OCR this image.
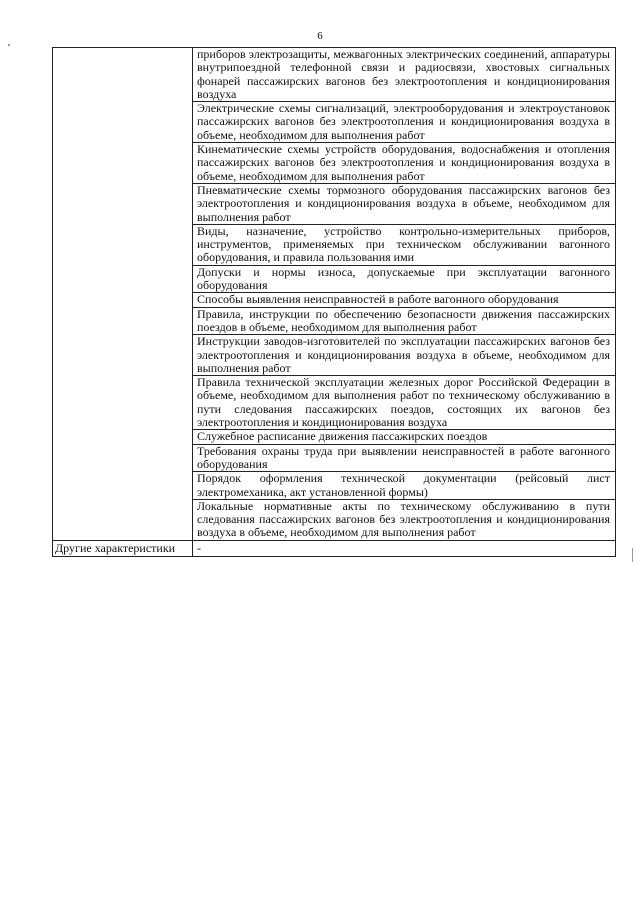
6
	приборов электрозащиты, межвагонных электрических соединений, аппаратуры внутрипоездной телефонной связи и радиосвязи, хвостовых сигнальных фонарей пассажирских вагонов без электроотопления и кондиционирования воздуха
	Электрические схемы сигнализаций, электрооборудования и электроустановок пассажирских вагонов без электроотопления и кондиционирования воздуха в объеме, необходимом для выполнения работ
	Кинематические схемы устройств оборудования, водоснабжения и отопления пассажирских вагонов без электроотопления и кондиционирования воздуха в объеме, необходимом для выполнения работ
	Пневматические схемы тормозного оборудования пассажирских вагонов без электроотопления и кондиционирования воздуха в объеме, необходимом для выполнения работ
	Виды, назначение, устройство контрольно-измерительных приборов, инструментов, применяемых при техническом обслуживании вагонного оборудования, и правила пользования ими
	Допуски и нормы износа, допускаемые при эксплуатации вагонного оборудования
	Способы выявления неисправностей в работе вагонного оборудования
	Правила, инструкции по обеспечению безопасности движения пассажирских поездов в объеме, необходимом для выполнения работ
	Инструкции заводов-изготовителей по эксплуатации пассажирских вагонов без электроотопления и кондиционирования воздуха в объеме, необходимом для выполнения работ
	Правила технической эксплуатации железных дорог Российской Федерации в объеме, необходимом для выполнения работ по техническому обслуживанию в пути следования пассажирских поездов, состоящих их вагонов без электроотопления и кондиционирования воздуха
	Служебное расписание движения пассажирских поездов
	Требования охраны труда при выявлении неисправностей в работе вагонного оборудования
	Порядок оформления технической документации (рейсовый лист электромеханика, акт установленной формы)
	Локальные нормативные акты по техническому обслуживанию в пути следования пассажирских вагонов без электроотопления и кондиционирования воздуха в объеме, необходимом для выполнения работ
Другие характеристики	-
